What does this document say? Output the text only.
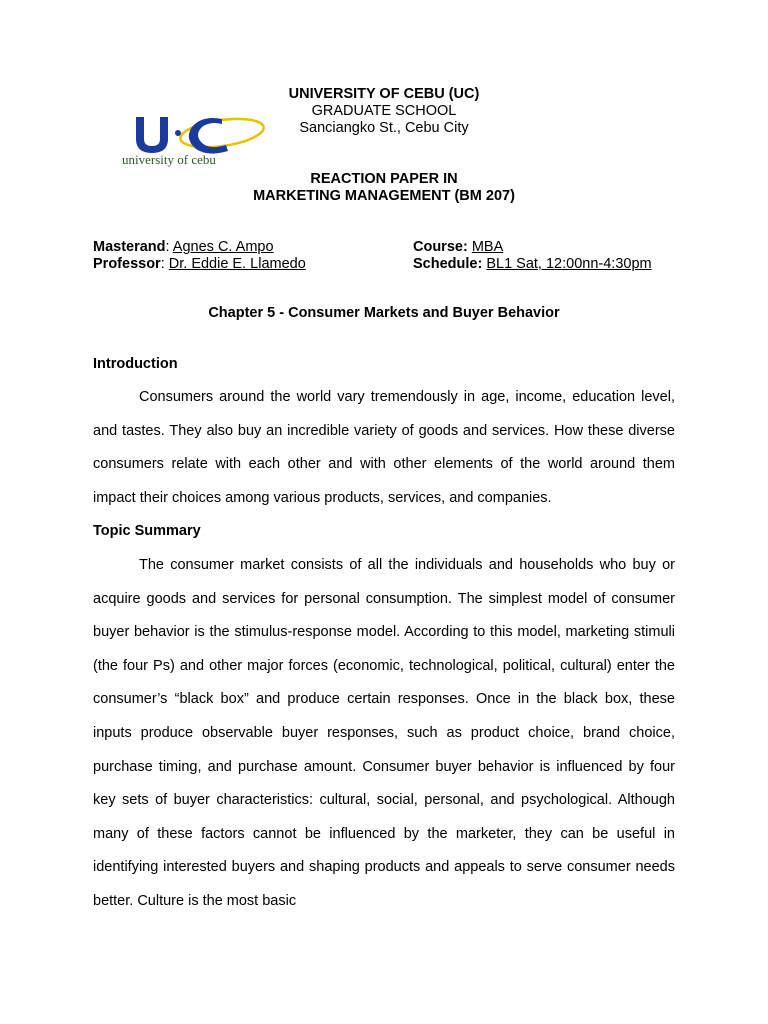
UNIVERSITY OF CEBU (UC)
GRADUATE SCHOOL
Sanciangko St., Cebu City
university of cebu
REACTION PAPER IN
MARKETING MANAGEMENT (BM 207)
Masterand: Agnes C. Ampo
Professor: Dr. Eddie E. Llamedo
Course: MBA
Schedule: BL1 Sat, 12:00nn-4:30pm
Chapter 5 - Consumer Markets and Buyer Behavior
Introduction

Consumers around the world vary tremendously in age, income, education level, and tastes. They also buy an incredible variety of goods and services. How these diverse consumers relate with each other and with other elements of the world around them impact their choices among various products, services, and companies.

Topic Summary

The consumer market consists of all the individuals and households who buy or acquire goods and services for personal consumption. The simplest model of consumer buyer behavior is the stimulus-response model. According to this model, marketing stimuli (the four Ps) and other major forces (economic, technological, political, cultural) enter the consumer’s “black box” and produce certain responses. Once in the black box, these inputs produce observable buyer responses, such as product choice, brand choice, purchase timing, and purchase amount. Consumer buyer behavior is influenced by four key sets of buyer characteristics: cultural, social, personal, and psychological. Although many of these factors cannot be influenced by the marketer, they can be useful in identifying interested buyers and shaping products and appeals to serve consumer needs better. Culture is the most basic
